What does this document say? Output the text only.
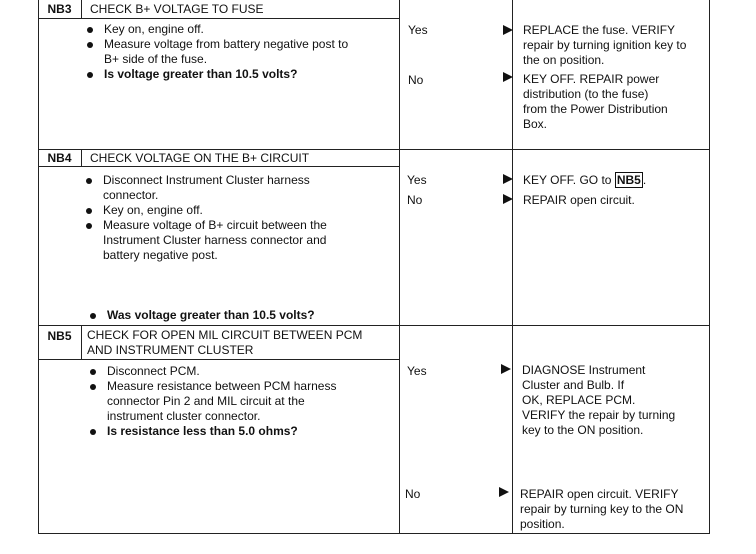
NB3	CHECK B+ VOLTAGE TO FUSE
Key on, engine off.
Measure voltage from battery negative post to
B+ side of the fuse.
Is voltage greater than 10.5 volts?
Yes	REPLACE the fuse. VERIFY
repair by turning ignition key to
the on position.
No	KEY OFF. REPAIR power
distribution (to the fuse)
from the Power Distribution
Box.
NB4	CHECK VOLTAGE ON THE B+ CIRCUIT
Disconnect Instrument Cluster harness
connector.
Key on, engine off.
Measure voltage of B+ circuit between the
Instrument Cluster harness connector and
battery negative post.
Was voltage greater than 10.5 volts?
Yes	KEY OFF. GO to NB5 .
No	REPAIR open circuit.
NB5	CHECK FOR OPEN MIL CIRCUIT BETWEEN PCM
AND INSTRUMENT CLUSTER
Disconnect PCM.
Measure resistance between PCM harness
connector Pin 2 and MIL circuit at the
instrument cluster connector.
Is resistance less than 5.0 ohms?
Yes	DIAGNOSE Instrument
Cluster and Bulb. If
OK, REPLACE PCM.
VERIFY the repair by turning
key to the ON position.
No	REPAIR open circuit. VERIFY
repair by turning key to the ON
position.
